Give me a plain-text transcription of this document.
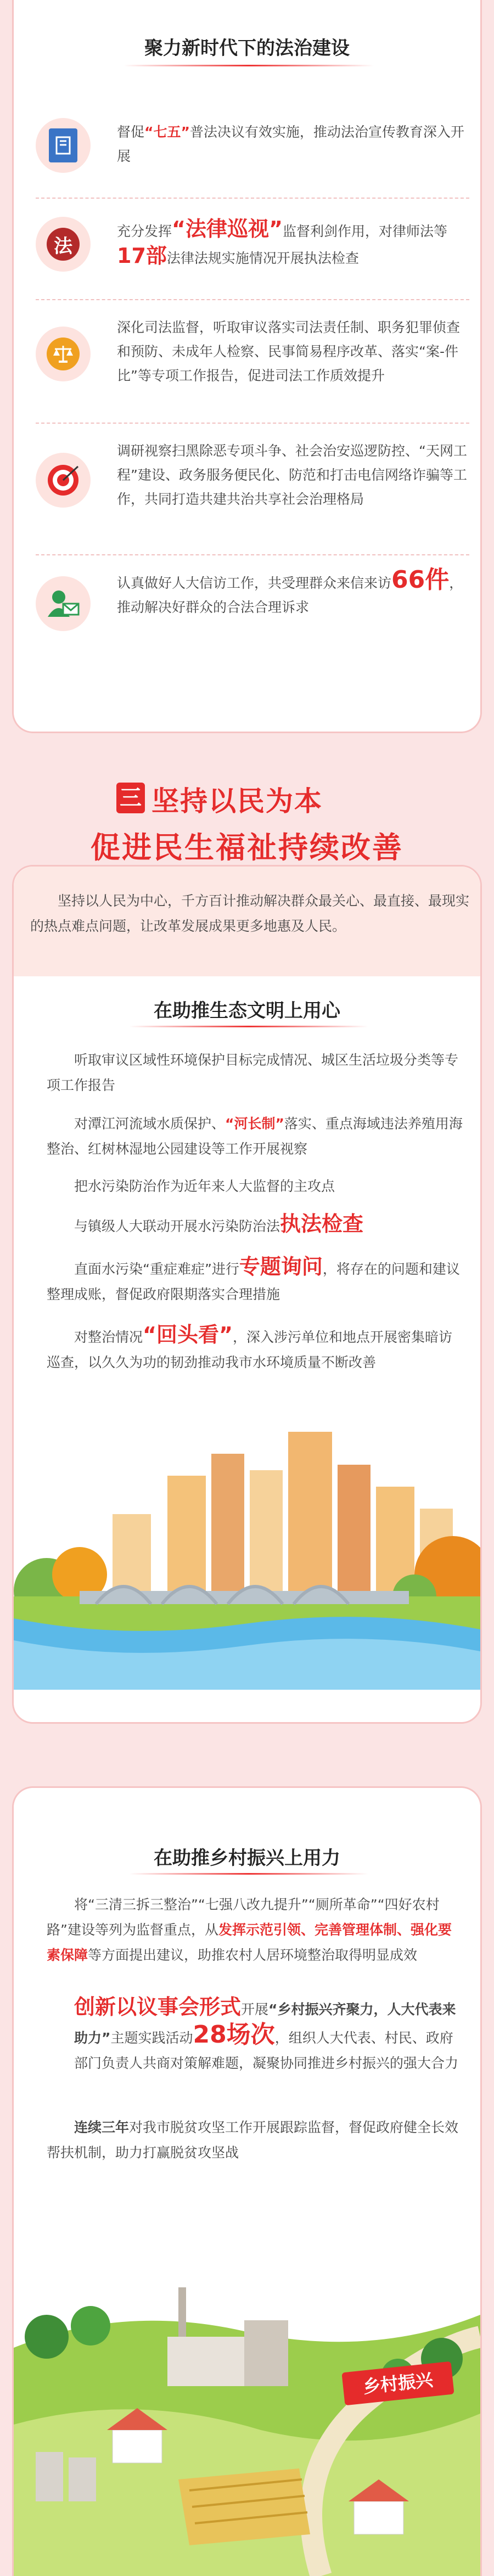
聚力新时代下的法治建设
督促“七五”普法决议有效实施，推动法治宣传教育深入开展
法
充分发挥“法律巡视”监督利剑作用，对律师法等17部法律法规实施情况开展执法检查
深化司法监督，听取审议落实司法责任制、职务犯罪侦查和预防、未成年人检察、民事简易程序改革、落实“案-件比”等专项工作报告，促进司法工作质效提升
调研视察扫黑除恶专项斗争、社会治安巡逻防控、“天网工程”建设、政务服务便民化、防范和打击电信网络诈骗等工作，共同打造共建共治共享社会治理格局
认真做好人大信访工作，共受理群众来信来访66件，推动解决好群众的合法合理诉求
三 坚持以民为本
促进民生福祉持续改善
坚持以人民为中心，千方百计推动解决群众最关心、最直接、最现实的热点难点问题，让改革发展成果更多地惠及人民。
在助推生态文明上用心
听取审议区域性环境保护目标完成情况、城区生活垃圾分类等专项工作报告
对潭江河流域水质保护、“河长制”落实、重点海域违法养殖用海整治、红树林湿地公园建设等工作开展视察
把水污染防治作为近年来人大监督的主攻点
与镇级人大联动开展水污染防治法执法检查
直面水污染“重症难症”进行专题询问，将存在的问题和建议整理成账，督促政府限期落实合理措施
对整治情况“回头看”，深入涉污单位和地点开展密集暗访巡查，以久久为功的韧劲推动我市水环境质量不断改善
在助推乡村振兴上用力
将“三清三拆三整治”“七强八改九提升”“厕所革命”“四好农村路”建设等列为监督重点，从发挥示范引领、完善管理体制、强化要素保障等方面提出建议，助推农村人居环境整治取得明显成效
创新以议事会形式开展“乡村振兴齐聚力，人大代表来助力”主题实践活动28场次，组织人大代表、村民、政府部门负责人共商对策解难题，凝聚协同推进乡村振兴的强大合力
连续三年对我市脱贫攻坚工作开展跟踪监督，督促政府健全长效帮扶机制，助力打赢脱贫攻坚战
乡村振兴
